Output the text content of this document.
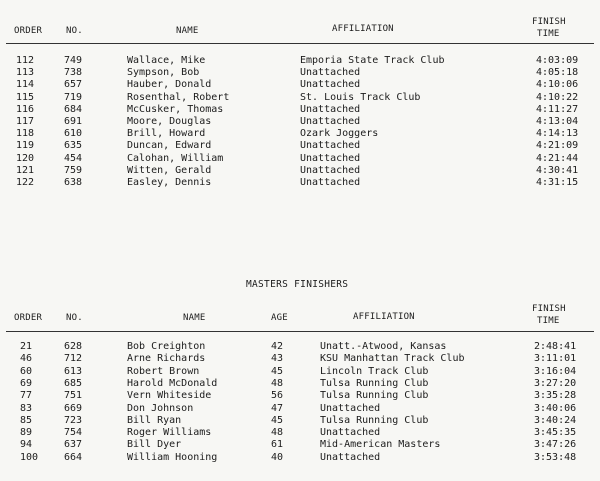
ORDER	NO.	NAME	AFFILIATION
FINISH
TIME
112	749	Wallace, Mike	Emporia State Track Club	4:03:09
113	738	Sympson, Bob	Unattached	4:05:18
114	657	Hauber, Donald	Unattached	4:10:06
115	719	Rosenthal, Robert	St. Louis Track Club	4:10:22
116	684	McCusker, Thomas	Unattached	4:11:27
117	691	Moore, Douglas	Unattached	4:13:04
118	610	Brill, Howard	Ozark Joggers	4:14:13
119	635	Duncan, Edward	Unattached	4:21:09
120	454	Calohan, William	Unattached	4:21:44
121	759	Witten, Gerald	Unattached	4:30:41
122	638	Easley, Dennis	Unattached	4:31:15
MASTERS FINISHERS
ORDER	NO.	NAME	AGE	AFFILIATION
FINISH
TIME
21	628	Bob Creighton	42	Unatt.-Atwood, Kansas	2:48:41
46	712	Arne Richards	43	KSU Manhattan Track Club	3:11:01
60	613	Robert Brown	45	Lincoln Track Club	3:16:04
69	685	Harold McDonald	48	Tulsa Running Club	3:27:20
77	751	Vern Whiteside	56	Tulsa Running Club	3:35:28
83	669	Don Johnson	47	Unattached	3:40:06
85	723	Bill Ryan	45	Tulsa Running Club	3:40:24
89	754	Roger Williams	48	Unattached	3:45:35
94	637	Bill Dyer	61	Mid-American Masters	3:47:26
100	664	William Hooning	40	Unattached	3:53:48
